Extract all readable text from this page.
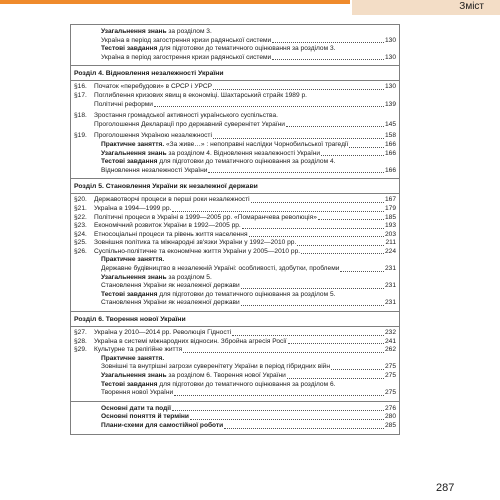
Зміст
Узагальнення знань за розділом 3.
Україна в період загострення кризи радянської системи	130
Тестові завдання для підготовки до тематичного оцінювання за розділом 3.
Україна в період загострення кризи радянської системи	130
Розділ 4. Відновлення незалежності України
§16.	Початок «перебудови» в СРСР і УРСР	130
§17.	Поглиблення кризових явищ в економіці. Шахтарський страйк 1989 р.
Політичні реформи	139
§18.	Зростання громадської активності українського суспільства.
Проголошення Декларації про державний суверенітет України	145
§19.	Проголошення Україною незалежності	158
Практичне заняття. «За живе…» : непоправні наслідки Чорнобильської трагедії	166
Узагальнення знань за розділом 4. Відновлення незалежності України	166
Тестові завдання для підготовки до тематичного оцінювання за розділом 4.
Відновлення незалежності України	166
Розділ 5. Становлення України як незалежної держави
§20.	Державотворчі процеси в перші роки незалежності	167
§21.	Україна в 1994—1999 рр.	179
§22.	Політичні процеси в Україні в 1999—2005 рр. «Помаранчева революція»	185
§23.	Економічний розвиток України в 1992—2005 рр.	193
§24.	Етносоціальні процеси та рівень життя населення	203
§25.	Зовнішня політика та міжнародні зв'язки України у 1992—2010 рр.	211
§26.	Суспільно-політичне та економічне життя України у 2005—2010 рр.	224
Практичне заняття.
Державне будівництво в незалежній Україні: особливості, здобутки, проблеми	231
Узагальнення знань за розділом 5.
Становлення України як незалежної держави	231
Тестові завдання для підготовки до тематичного оцінювання за розділом 5.
Становлення України як незалежної держави	231
Розділ 6. Творення нової України
§27.	Україна у 2010—2014 рр. Революція Гідності	232
§28.	Україна в системі міжнародних відносин. Збройна агресія Росії	241
§29.	Культурне та релігійне життя	262
Практичне заняття.
Зовнішні та внутрішні загрози суверенітету України в період гібридних війн	275
Узагальнення знань за розділом 6. Творення нової України	275
Тестові завдання для підготовки до тематичного оцінювання за розділом 6.
Творення нової України	275
Основні дати та події	276
Основні поняття й терміни	280
Плани-схеми для самостійної роботи	285
287
